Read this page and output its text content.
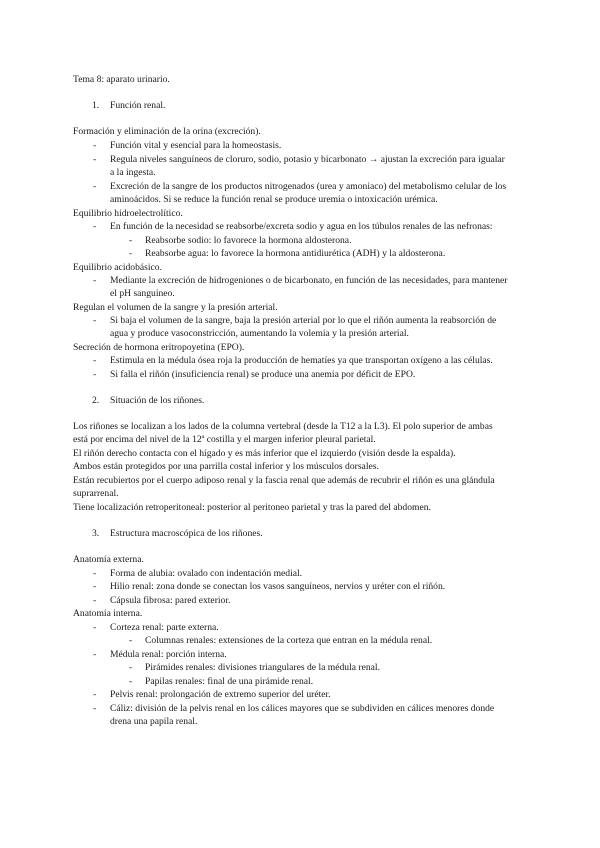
Tema 8: aparato urinario.
1. Función renal.
Formación y eliminación de la orina (excreción).
- Función vital y esencial para la homeostasis.
- Regula niveles sanguíneos de cloruro, sodio, potasio y bicarbonato → ajustan la excreción para igualar
a la ingesta.
- Excreción de la sangre de los productos nitrogenados (urea y amoniaco) del metabolismo celular de los
aminoácidos. Si se reduce la función renal se produce uremia o intoxicación urémica.
Equilibrio hidroelectrolítico.
- En función de la necesidad se reabsorbe/excreta sodio y agua en los túbulos renales de las nefronas:
- Reabsorbe sodio: lo favorece la hormona aldosterona.
- Reabsorbe agua: lo favorece la hormona antidiurética (ADH) y la aldosterona.
Equilibrio acidobásico.
- Mediante la excreción de hidrogeniones o de bicarbonato, en función de las necesidades, para mantener
el pH sanguíneo.
Regulan el volumen de la sangre y la presión arterial.
- Si baja el volumen de la sangre, baja la presión arterial por lo que el riñón aumenta la reabsorción de
agua y produce vasoconstricción, aumentando la volemia y la presión arterial.
Secreción de hormona eritropoyetina (EPO).
- Estimula en la médula ósea roja la producción de hematíes ya que transportan oxígeno a las células.
- Si falla el riñón (insuficiencia renal) se produce una anemia por déficit de EPO.
2. Situación de los riñones.
Los riñones se localizan a los lados de la columna vertebral (desde la T12 a la L3). El polo superior de ambas
está por encima del nivel de la 12ª costilla y el margen inferior pleural parietal.
El riñón derecho contacta con el hígado y es más inferior que el izquierdo (visión desde la espalda).
Ambos están protegidos por una parrilla costal inferior y los músculos dorsales.
Están recubiertos por el cuerpo adiposo renal y la fascia renal que además de recubrir el riñón es una glándula
suprarrenal.
Tiene localización retroperitoneal: posterior al peritoneo parietal y tras la pared del abdomen.
3. Estructura macroscópica de los riñones.
Anatomía externa.
- Forma de alubia: ovalado con indentación medial.
- Hilio renal: zona donde se conectan los vasos sanguíneos, nervios y uréter con el riñón.
- Cápsula fibrosa: pared exterior.
Anatomía interna.
- Corteza renal: parte externa.
- Columnas renales: extensiones de la corteza que entran en la médula renal.
- Médula renal: porción interna.
- Pirámides renales: divisiones triangulares de la médula renal.
- Papilas renales: final de una pirámide renal.
- Pelvis renal: prolongación de extremo superior del uréter.
- Cáliz: división de la pelvis renal en los cálices mayores que se subdividen en cálices menores donde
drena una papila renal.
